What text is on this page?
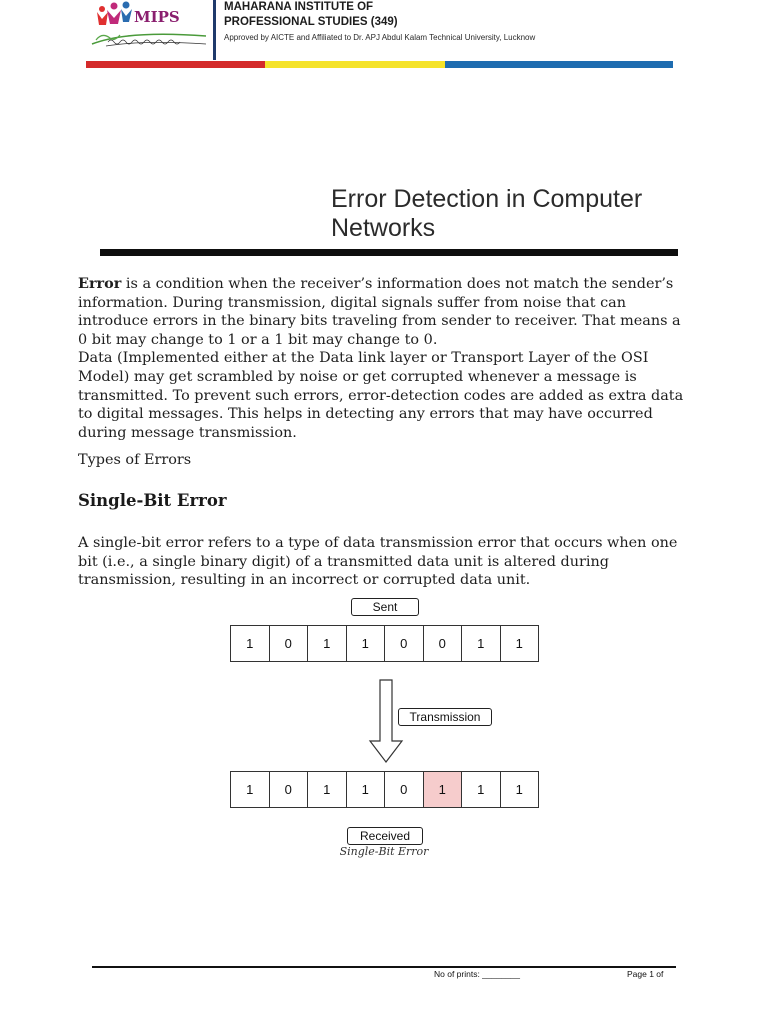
MIPS
MAHARANA INSTITUTE OF
PROFESSIONAL STUDIES (349)
Approved by AICTE and Affiliated to Dr. APJ Abdul Kalam Technical University, Lucknow
Error Detection in Computer
Networks
Error is a condition when the receiver’s information does not match the sender’s information. During transmission, digital signals suffer from noise that can introduce errors in the binary bits traveling from sender to receiver. That means a 0 bit may change to 1 or a 1 bit may change to 0.
Data (Implemented either at the Data link layer or Transport Layer of the OSI Model) may get scrambled by noise or get corrupted whenever a message is transmitted. To prevent such errors, error-detection codes are added as extra data to digital messages. This helps in detecting any errors that may have occurred during message transmission.
Types of Errors
Single-Bit Error
A single-bit error refers to a type of data transmission error that occurs when one bit (i.e., a single binary digit) of a transmitted data unit is altered during transmission, resulting in an incorrect or corrupted data unit.
Sent
1	0	1	1	0	0	1	1
Transmission
1	0	1	1	0	1	1	1
Received
Single-Bit Error
No of prints: ________	Page 1 of
